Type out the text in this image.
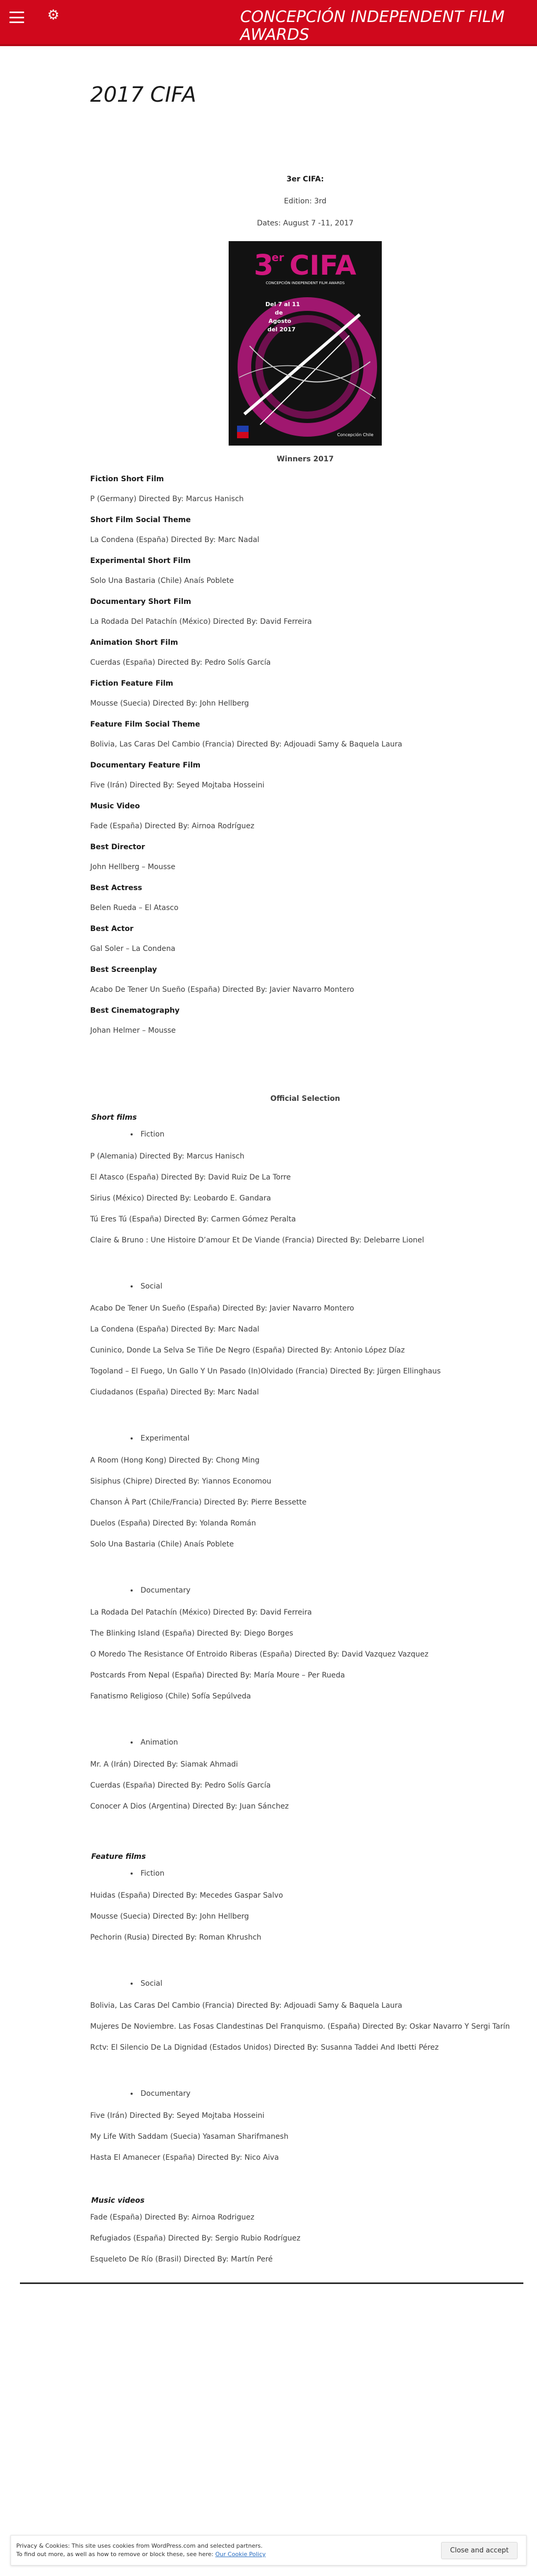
⚙	CONCEPCIÓN INDEPENDENT FILM AWARDS
2017 CIFA

3er CIFA:

Edition: 3rd

Dates: August 7 -11, 2017

3
er CIFA
CONCEPCIÓN INDEPENDENT FILM AWARDS
Del 7 al 11
de
Agosto
del 2017
Concepción Chile

Winners 2017

Fiction Short Film

P (Germany) Directed By: Marcus Hanisch

Short Film Social Theme

La Condena (España) Directed By: Marc Nadal

Experimental Short Film

Solo Una Bastaria (Chile) Anaís Poblete

Documentary Short Film

La Rodada Del Patachín (México) Directed By: David Ferreira

Animation Short Film

Cuerdas (España) Directed By: Pedro Solís García

Fiction Feature Film

Mousse (Suecia) Directed By: John Hellberg

Feature Film Social Theme

Bolivia, Las Caras Del Cambio (Francia) Directed By: Adjouadi Samy & Baquela Laura

Documentary Feature Film

Five (Irán) Directed By: Seyed Mojtaba Hosseini

Music Video

Fade (España) Directed By: Airnoa Rodríguez

Best Director

John Hellberg – Mousse

Best Actress

Belen Rueda – El Atasco

Best Actor

Gal Soler – La Condena

Best Screenplay

Acabo De Tener Un Sueño (España) Directed By: Javier Navarro Montero

Best Cinematography

Johan Helmer – Mousse

Official Selection

Short films

• Fiction

P (Alemania) Directed By: Marcus Hanisch

El Atasco (España) Directed By: David Ruiz De La Torre

Sirius (México) Directed By: Leobardo E. Gandara

Tú Eres Tú (España) Directed By: Carmen Gómez Peralta

Claire & Bruno : Une Histoire D’amour Et De Viande (Francia) Directed By: Delebarre Lionel

• Social

Acabo De Tener Un Sueño (España) Directed By: Javier Navarro Montero

La Condena (España) Directed By: Marc Nadal

Cuninico, Donde La Selva Se Tiñe De Negro (España) Directed By: Antonio López Díaz

Togoland – El Fuego, Un Gallo Y Un Pasado (In)Olvidado (Francia) Directed By: Jürgen Ellinghaus

Ciudadanos (España) Directed By: Marc Nadal

• Experimental

A Room (Hong Kong) Directed By: Chong Ming

Sisiphus (Chipre) Directed By: Yiannos Economou

Chanson À Part (Chile/Francia) Directed By: Pierre Bessette

Duelos (España) Directed By: Yolanda Román

Solo Una Bastaria (Chile) Anaís Poblete

• Documentary

La Rodada Del Patachín (México) Directed By: David Ferreira

The Blinking Island (España) Directed By: Diego Borges

O Moredo The Resistance Of Entroido Riberas (España) Directed By: David Vazquez Vazquez

Postcards From Nepal (España) Directed By: María Moure – Per Rueda

Fanatismo Religioso (Chile) Sofía Sepúlveda

• Animation

Mr. A (Irán) Directed By: Siamak Ahmadi

Cuerdas (España) Directed By: Pedro Solís García

Conocer A Dios (Argentina) Directed By: Juan Sánchez

Feature films

• Fiction

Huidas (España) Directed By: Mecedes Gaspar Salvo

Mousse (Suecia) Directed By: John Hellberg

Pechorin (Rusia) Directed By: Roman Khrushch

• Social

Bolivia, Las Caras Del Cambio (Francia) Directed By: Adjouadi Samy & Baquela Laura

Mujeres De Noviembre. Las Fosas Clandestinas Del Franquismo. (España) Directed By: Oskar Navarro Y Sergi Tarín

Rctv: El Silencio De La Dignidad (Estados Unidos) Directed By: Susanna Taddei And Ibetti Pérez

• Documentary

Five (Irán) Directed By: Seyed Mojtaba Hosseini

My Life With Saddam (Suecia) Yasaman Sharifmanesh

Hasta El Amanecer (España) Directed By: Nico Aiva

Music videos

Fade (España) Directed By: Airnoa Rodriguez

Refugiados (España) Directed By: Sergio Rubio Rodríguez

Esqueleto De Río (Brasil) Directed By: Martín Peré

Privacy & Cookies: This site uses cookies from WordPress.com and selected partners.
To find out more, as well as how to remove or block these, see here: Our Cookie Policy	Close and accept
